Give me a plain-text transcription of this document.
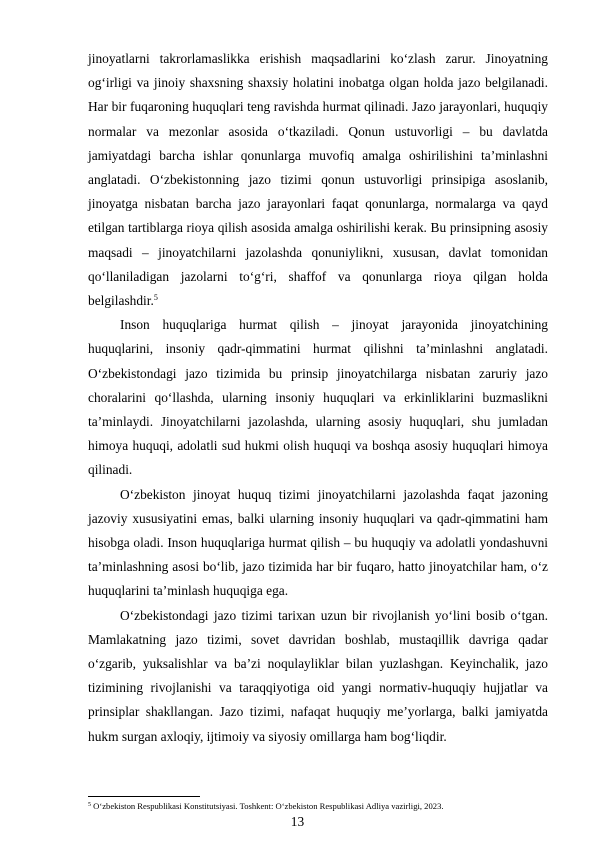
jinoyatlarni takrorlamaslikka erishish maqsadlarini ko‘zlash zarur. Jinoyatning og‘irligi va jinoiy shaxsning shaxsiy holatini inobatga olgan holda jazo belgilanadi. Har bir fuqaroning huquqlari teng ravishda hurmat qilinadi. Jazo jarayonlari, huquqiy normalar va mezonlar asosida o‘tkaziladi. Qonun ustuvorligi – bu davlatda jamiyatdagi barcha ishlar qonunlarga muvofiq amalga oshirilishini ta’minlashni anglatadi. O‘zbekistonning jazo tizimi qonun ustuvorligi prinsipiga asoslanib, jinoyatga nisbatan barcha jazo jarayonlari faqat qonunlarga, normalarga va qayd etilgan tartiblarga rioya qilish asosida amalga oshirilishi kerak. Bu prinsipning asosiy maqsadi – jinoyatchilarni jazolashda qonuniylikni, xususan, davlat tomonidan qo‘llaniladigan jazolarni to‘g‘ri, shaffof va qonunlarga rioya qilgan holda belgilashdir.$^5$

Inson huquqlariga hurmat qilish – jinoyat jarayonida jinoyatchining huquqlarini, insoniy qadr-qimmatini hurmat qilishni ta’minlashni anglatadi. O‘zbekistondagi jazo tizimida bu prinsip jinoyatchilarga nisbatan zaruriy jazo choralarini qo‘llashda, ularning insoniy huquqlari va erkinliklarini buzmaslikni ta’minlaydi. Jinoyatchilarni jazolashda, ularning asosiy huquqlari, shu jumladan himoya huquqi, adolatli sud hukmi olish huquqi va boshqa asosiy huquqlari himoya qilinadi.

O‘zbekiston jinoyat huquq tizimi jinoyatchilarni jazolashda faqat jazoning jazoviy xususiyatini emas, balki ularning insoniy huquqlari va qadr-qimmatini ham hisobga oladi. Inson huquqlariga hurmat qilish – bu huquqiy va adolatli yondashuvni ta’minlashning asosi bo‘lib, jazo tizimida har bir fuqaro, hatto jinoyatchilar ham, o‘z huquqlarini ta’minlash huquqiga ega.

O‘zbekistondagi jazo tizimi tarixan uzun bir rivojlanish yo‘lini bosib o‘tgan. Mamlakatning jazo tizimi, sovet davridan boshlab, mustaqillik davriga qadar o‘zgarib, yuksalishlar va ba’zi noqulayliklar bilan yuzlashgan. Keyinchalik, jazo tizimining rivojlanishi va taraqqiyotiga oid yangi normativ-huquqiy hujjatlar va prinsiplar shakllangan. Jazo tizimi, nafaqat huquqiy me’yorlarga, balki jamiyatda hukm surgan axloqiy, ijtimoiy va siyosiy omillarga ham bog‘liqdir.

$^5$ O‘zbekiston Respublikasi Konstitutsiyasi. Toshkent: O‘zbekiston Respublikasi Adliya vazirligi, 2023.
13
